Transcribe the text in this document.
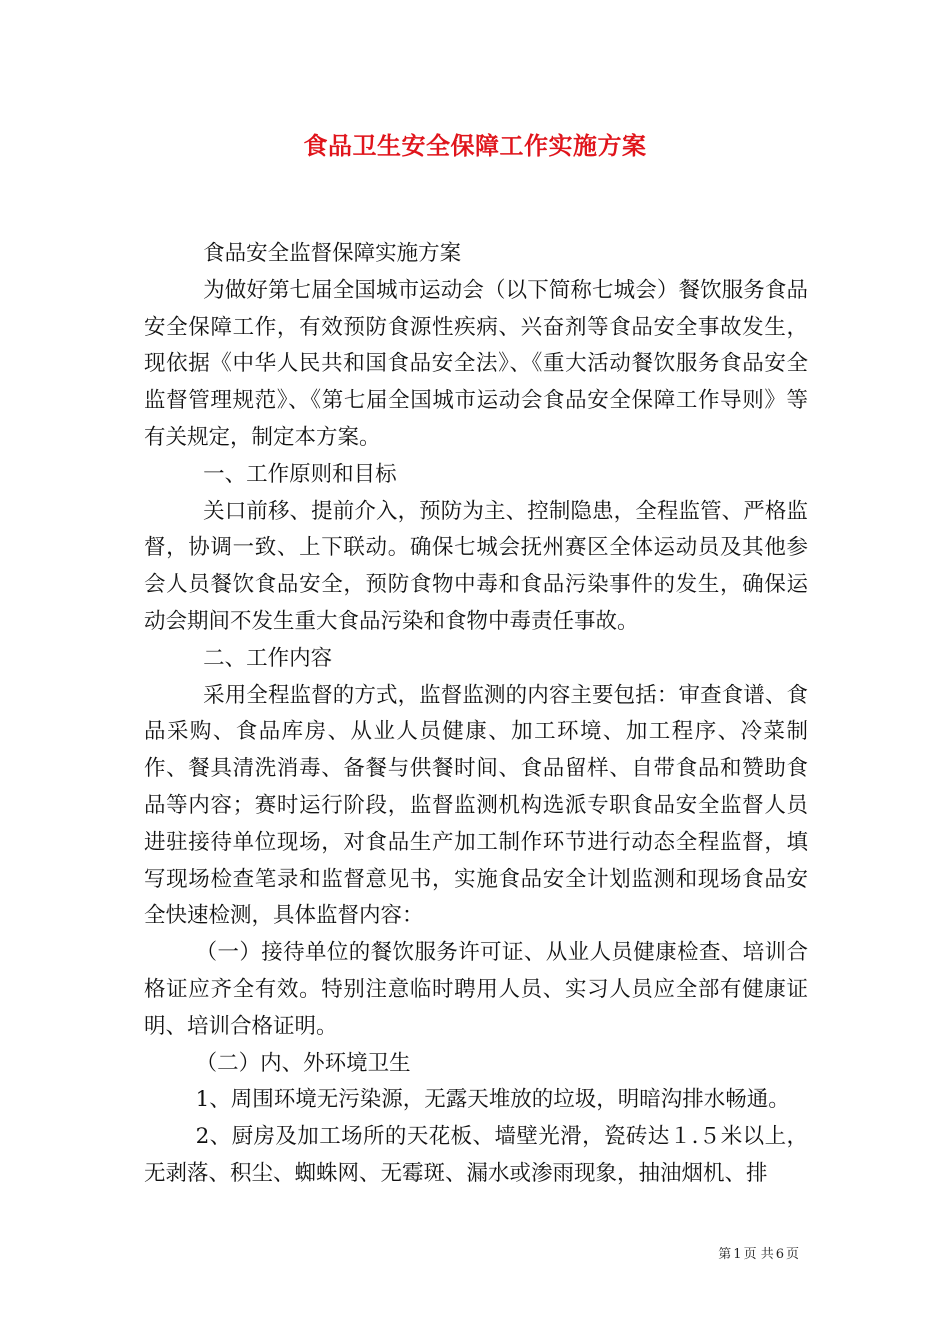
食品卫生安全保障工作实施方案

食品安全监督保障实施方案

为做好第七届全国城市运动会（以下简称七城会）餐饮服务食品安全保障工作，有效预防食源性疾病、兴奋剂等食品安全事故发生，现依据《中华人民共和国食品安全法》、《重大活动餐饮服务食品安全监督管理规范》、《第七届全国城市运动会食品安全保障工作导则》等有关规定，制定本方案。

一、工作原则和目标

关口前移、提前介入，预防为主、控制隐患，全程监管、严格监督，协调一致、上下联动。确保七城会抚州赛区全体运动员及其他参会人员餐饮食品安全，预防食物中毒和食品污染事件的发生，确保运动会期间不发生重大食品污染和食物中毒责任事故。

二、工作内容

采用全程监督的方式，监督监测的内容主要包括：审查食谱、食品采购、食品库房、从业人员健康、加工环境、加工程序、冷菜制作、餐具清洗消毒、备餐与供餐时间、食品留样、自带食品和赞助食品等内容；赛时运行阶段，监督监测机构选派专职食品安全监督人员进驻接待单位现场，对食品生产加工制作环节进行动态全程监督，填写现场检查笔录和监督意见书，实施食品安全计划监测和现场食品安全快速检测，具体监督内容：

（一）接待单位的餐饮服务许可证、从业人员健康检查、培训合格证应齐全有效。特别注意临时聘用人员、实习人员应全部有健康证明、培训合格证明。

（二）内、外环境卫生

1、周围环境无污染源，无露天堆放的垃圾，明暗沟排水畅通。

2、厨房及加工场所的天花板、墙壁光滑，瓷砖达１.５米以上，无剥落、积尘、蜘蛛网、无霉斑、漏水或渗雨现象，抽油烟机、排

第 1 页 共 6 页
